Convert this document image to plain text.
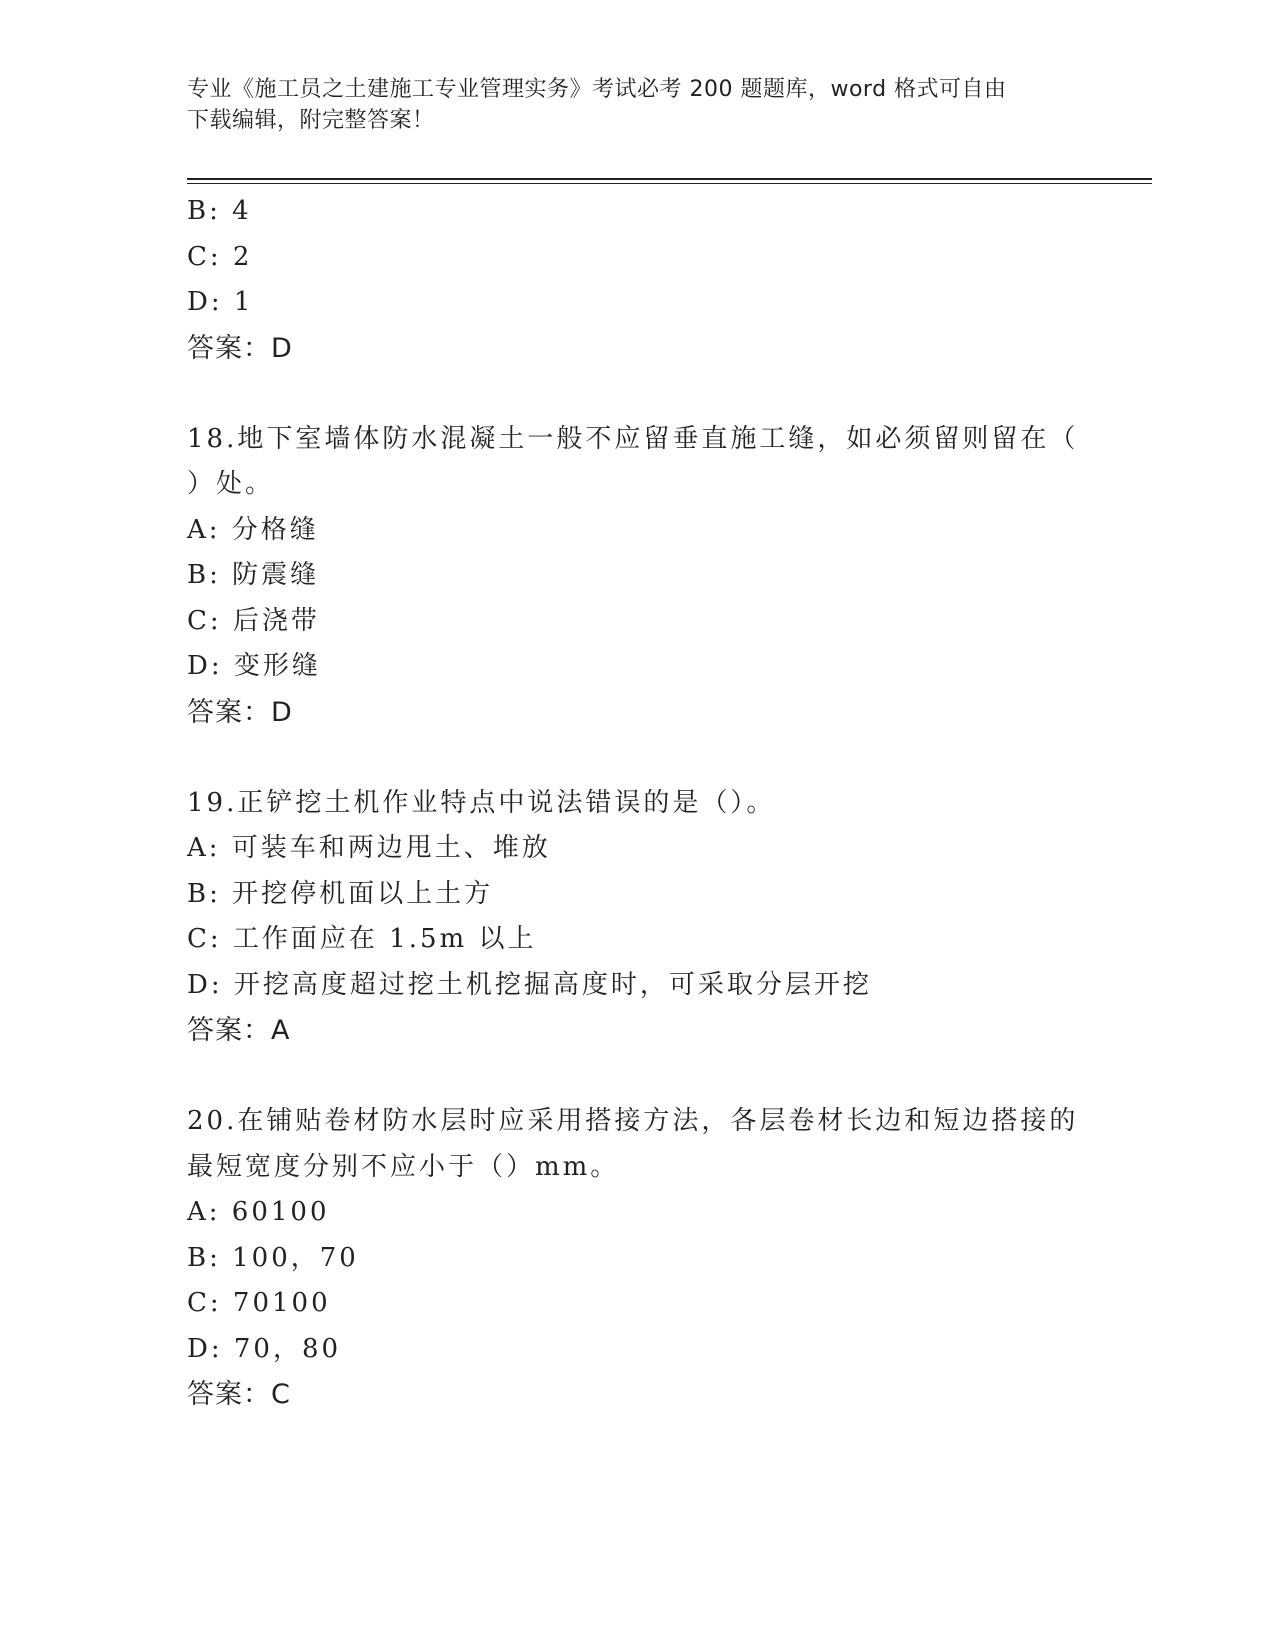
专业《施工员之土建施工专业管理实务》考试必考 200 题题库，word 格式可自由
下载编辑，附完整答案！
B: 4
C: 2
D: 1
答案：D
18.地下室墙体防水混凝土一般不应留垂直施工缝，如必须留则留在（
）处。
A: 分格缝
B: 防震缝
C: 后浇带
D: 变形缝
答案：D
19.正铲挖土机作业特点中说法错误的是（）。
A: 可装车和两边甩土、堆放
B: 开挖停机面以上土方
C: 工作面应在 1.5m 以上
D: 开挖高度超过挖土机挖掘高度时，可采取分层开挖
答案：A
20.在铺贴卷材防水层时应采用搭接方法，各层卷材长边和短边搭接的
最短宽度分别不应小于（）mm。
A: 60100
B: 100，70
C: 70100
D: 70，80
答案：C
